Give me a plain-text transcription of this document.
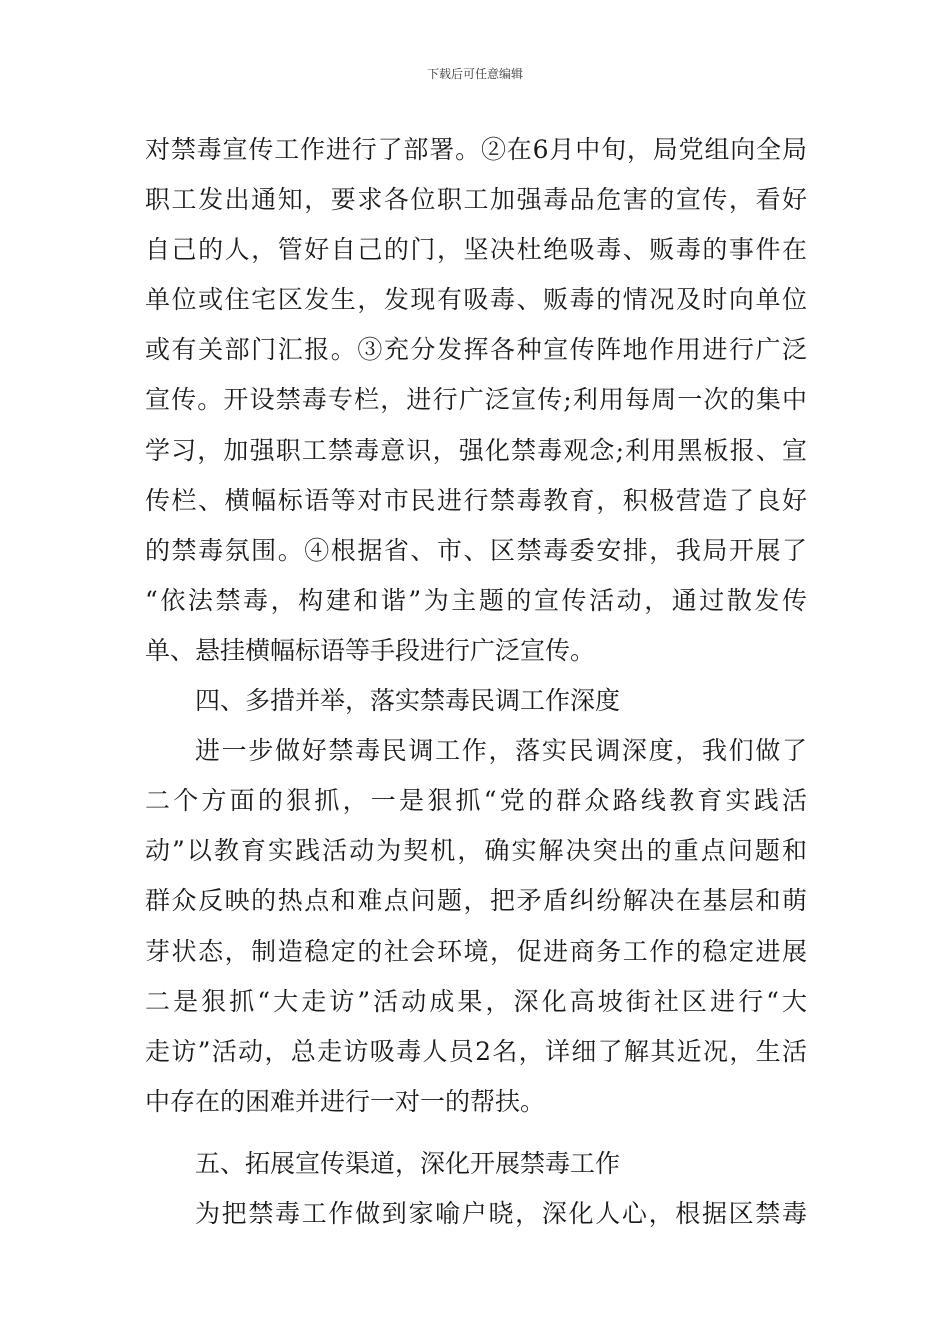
下载后可任意编辑
对禁毒宣传工作进行了部署。②在6月中旬，局党组向全局
职工发出通知，要求各位职工加强毒品危害的宣传，看好
自己的人，管好自己的门，坚决杜绝吸毒、贩毒的事件在
单位或住宅区发生，发现有吸毒、贩毒的情况及时向单位
或有关部门汇报。③充分发挥各种宣传阵地作用进行广泛
宣传。开设禁毒专栏，进行广泛宣传;利用每周一次的集中
学习，加强职工禁毒意识，强化禁毒观念;利用黑板报、宣
传栏、横幅标语等对市民进行禁毒教育，积极营造了良好
的禁毒氛围。④根据省、市、区禁毒委安排，我局开展了
“依法禁毒，构建和谐”为主题的宣传活动，通过散发传
单、悬挂横幅标语等手段进行广泛宣传。
四、多措并举，落实禁毒民调工作深度
进一步做好禁毒民调工作，落实民调深度，我们做了
二个方面的狠抓，一是狠抓“党的群众路线教育实践活
动”以教育实践活动为契机，确实解决突出的重点问题和
群众反映的热点和难点问题，把矛盾纠纷解决在基层和萌
芽状态，制造稳定的社会环境，促进商务工作的稳定进展
二是狠抓“大走访”活动成果，深化高坡街社区进行“大
走访”活动，总走访吸毒人员2名，详细了解其近况，生活
中存在的困难并进行一对一的帮扶。
五、拓展宣传渠道，深化开展禁毒工作
为把禁毒工作做到家喻户晓，深化人心，根据区禁毒
